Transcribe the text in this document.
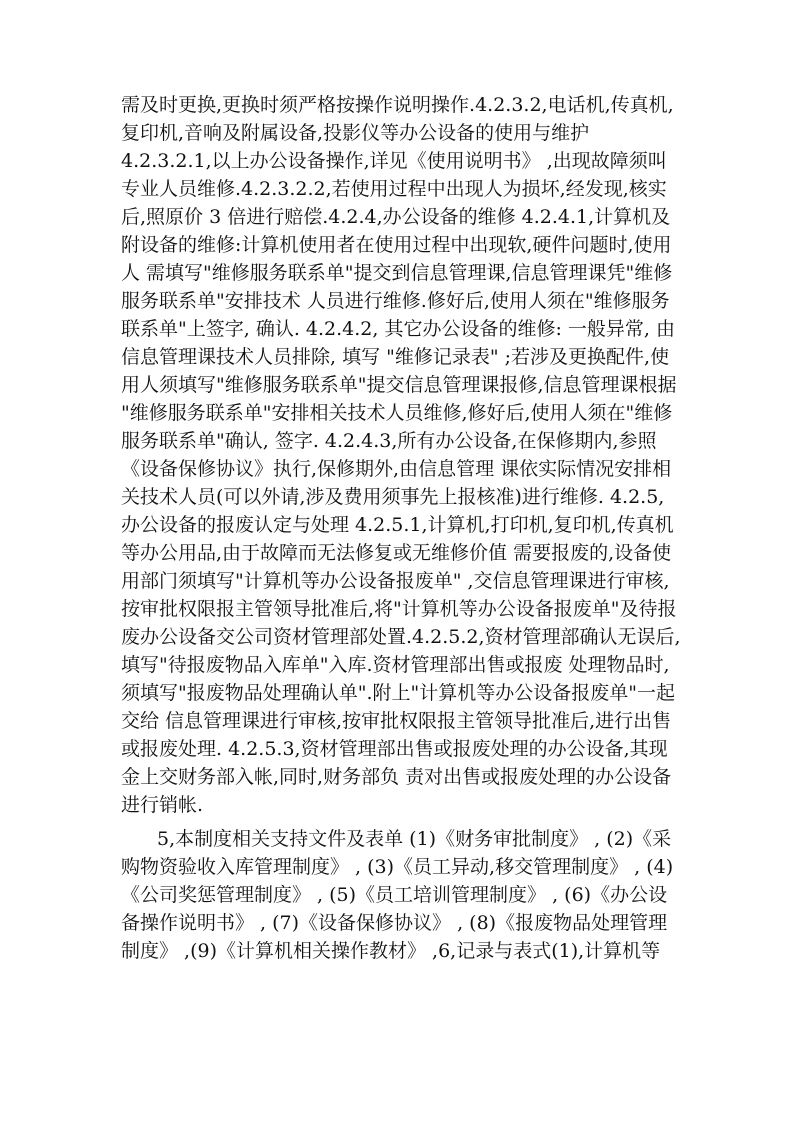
需及时更换,更换时须严格按操作说明操作.4.2.3.2,电话机,传真机,
复印机,音响及附属设备,投影仪等办公设备的使用与维护
4.2.3.2.1,以上办公设备操作,详见《使用说明书》 ,出现故障须叫
专业人员维修.4.2.3.2.2,若使用过程中出现人为损坏,经发现,核实
后,照原价 3 倍进行赔偿.4.2.4,办公设备的维修 4.2.4.1,计算机及
附设备的维修:计算机使用者在使用过程中出现软,硬件问题时,使用
人 需填写"维修服务联系单"提交到信息管理课,信息管理课凭"维修
服务联系单"安排技术 人员进行维修.修好后,使用人须在"维修服务
联系单"上签字, 确认. 4.2.4.2, 其它办公设备的维修: 一般异常, 由
信息管理课技术人员排除, 填写 "维修记录表" ;若涉及更换配件,使
用人须填写"维修服务联系单"提交信息管理课报修,信息管理课根据
"维修服务联系单"安排相关技术人员维修,修好后,使用人须在"维修
服务联系单"确认, 签字. 4.2.4.3,所有办公设备,在保修期内,参照
《设备保修协议》执行,保修期外,由信息管理 课依实际情况安排相
关技术人员(可以外请,涉及费用须事先上报核准)进行维修. 4.2.5,
办公设备的报废认定与处理 4.2.5.1,计算机,打印机,复印机,传真机
等办公用品,由于故障而无法修复或无维修价值 需要报废的,设备使
用部门须填写"计算机等办公设备报废单" ,交信息管理课进行审核,
按审批权限报主管领导批准后,将"计算机等办公设备报废单"及待报
废办公设备交公司资材管理部处置.4.2.5.2,资材管理部确认无误后,
填写"待报废物品入库单"入库.资材管理部出售或报废 处理物品时,
须填写"报废物品处理确认单".附上"计算机等办公设备报废单"一起
交给 信息管理课进行审核,按审批权限报主管领导批准后,进行出售
或报废处理. 4.2.5.3,资材管理部出售或报废处理的办公设备,其现
金上交财务部入帐,同时,财务部负 责对出售或报废处理的办公设备
进行销帐.
5,本制度相关支持文件及表单 (1)《财务审批制度》 , (2)《采
购物资验收入库管理制度》 , (3)《员工异动,移交管理制度》 , (4)
《公司奖惩管理制度》 , (5)《员工培训管理制度》 , (6)《办公设
备操作说明书》 , (7)《设备保修协议》 , (8)《报废物品处理管理
制度》 ,(9)《计算机相关操作教材》 ,6,记录与表式(1),计算机等
